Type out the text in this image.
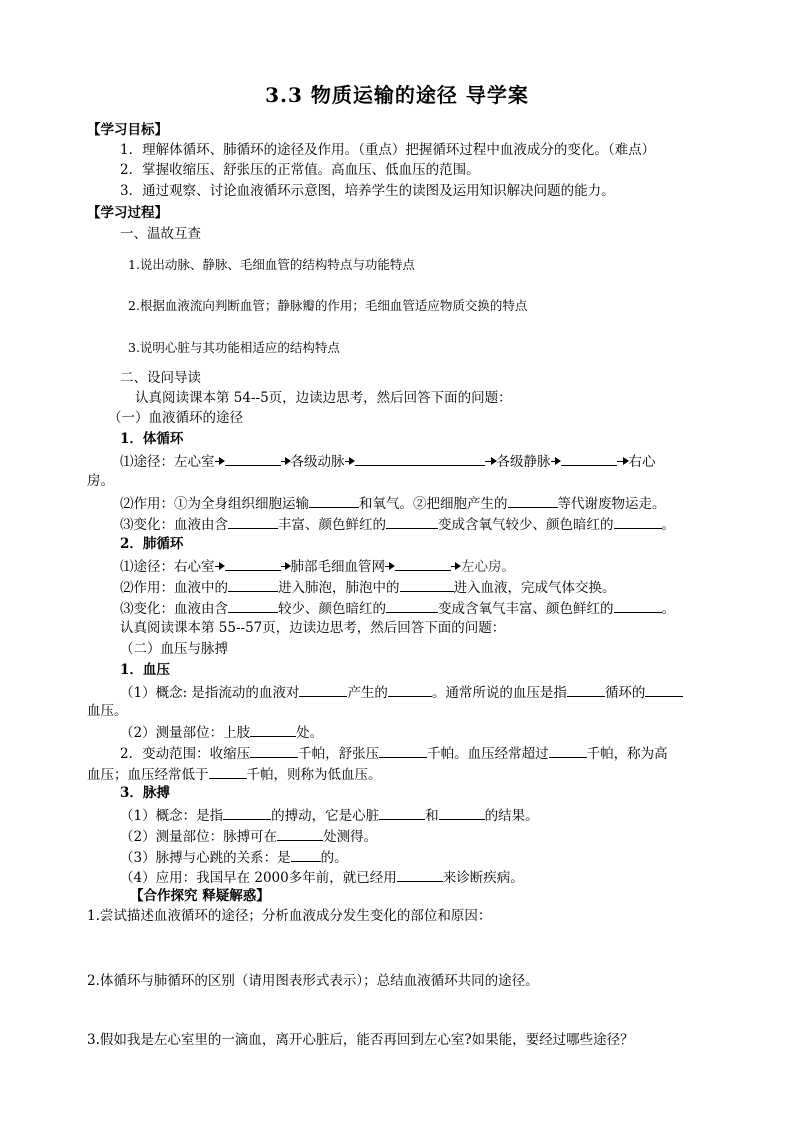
3.3 物质运输的途径 导学案
【学习目标】
1．理解体循环、肺循环的途径及作用。（重点）把握循环过程中血液成分的变化。（难点）
2．掌握收缩压、舒张压的正常值。高血压、低血压的范围。
3．通过观察、讨论血液循环示意图，培养学生的读图及运用知识解决问题的能力。
【学习过程】
一、温故互查
1.说出动脉、静脉、毛细血管的结构特点与功能特点
2.根据血液流向判断血管；静脉瓣的作用；毛细血管适应物质交换的特点
3.说明心脏与其功能相适应的结构特点
二、设问导读
认真阅读课本第 54--5页，边读边思考，然后回答下面的问题：
（一）血液循环的途径
1．体循环
⑴途径：左心室	各级动脉	各级静脉	右心
房。
⑵作用：①为全身组织细胞运输	和氧气。②把细胞产生的	等代谢废物运走。
⑶变化：血液由含	丰富、颜色鲜红的	变成含氧气较少、颜色暗红的	。
2．肺循环
⑴途径：右心室	肺部毛细血管网	左心房。
⑵作用：血液中的	进入肺泡，肺泡中的	进入血液，完成气体交换。
⑶变化：血液由含	较少、颜色暗红的	变成含氧气丰富、颜色鲜红的	。
认真阅读课本第 55--57页，边读边思考，然后回答下面的问题：
（二）血压与脉搏
1．血压
（1）概念: 是指流动的血液对	产生的	。通常所说的血压是指	循环的
血压。
（2）测量部位：上肢	处。
2．变动范围：收缩压	千帕，舒张压	千帕。血压经常超过	千帕，称为高
血压；血压经常低于	千帕，则称为低血压。
3．脉搏
（1）概念：是指	的搏动，它是心脏	和	的结果。
（2）测量部位：脉搏可在	处测得。
（3）脉搏与心跳的关系：是 的。
（4）应用：我国早在 2000多年前，就已经用	来诊断疾病。
【合作探究 释疑解惑】
1.尝试描述血液循环的途径；分析血液成分发生变化的部位和原因：
2.体循环与肺循环的区别（请用图表形式表示）；总结血液循环共同的途径。
3.假如我是左心室里的一滴血，离开心脏后，能否再回到左心室?如果能，要经过哪些途径？
